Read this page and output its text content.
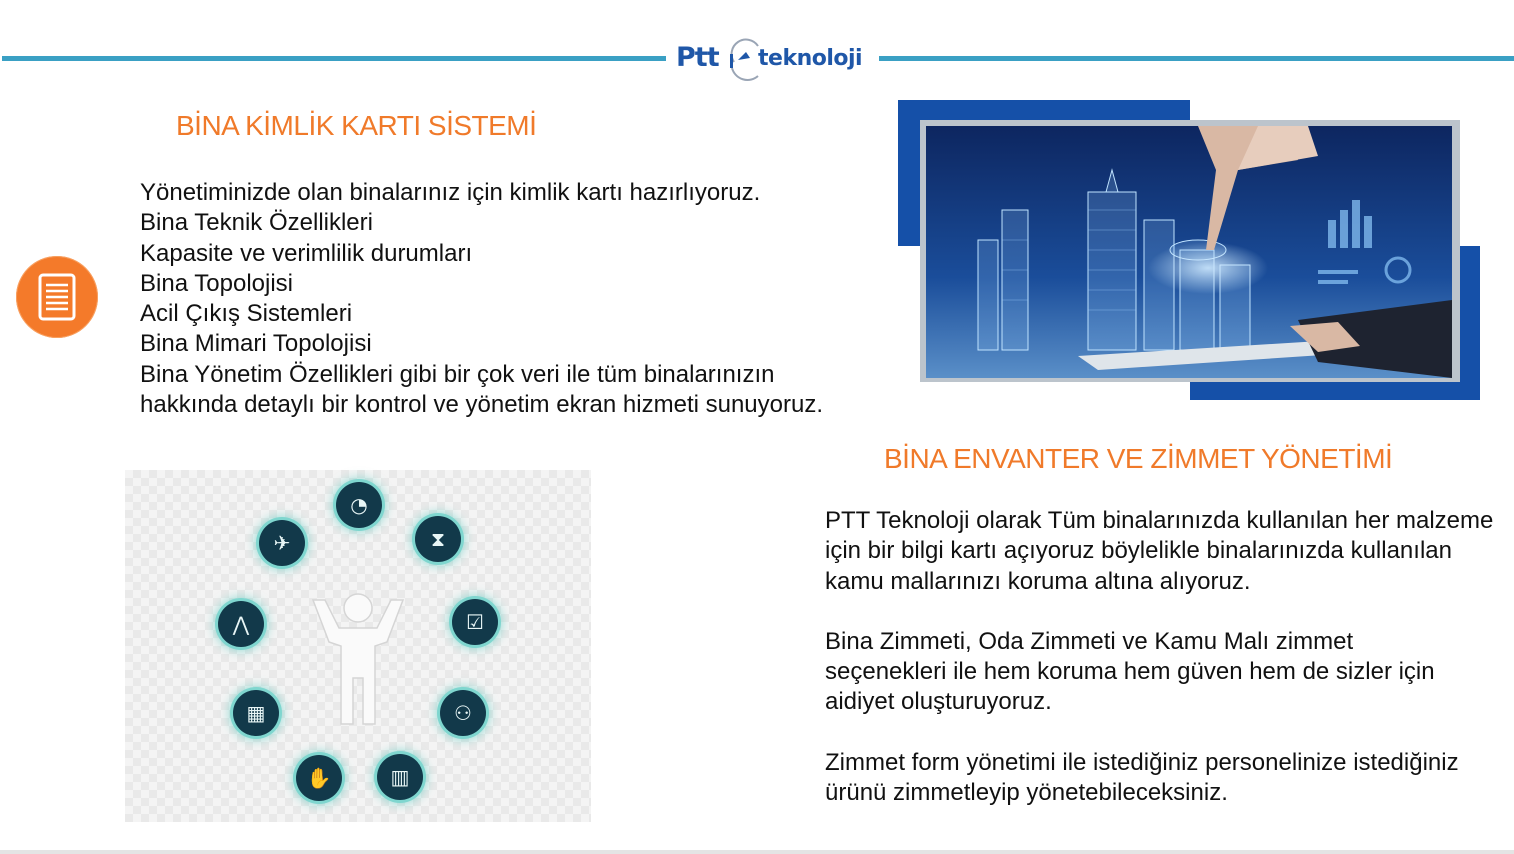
Ptt teknoloji
BİNA KİMLİK KARTI SİSTEMİ
Yönetiminizde olan binalarınız için kimlik kartı hazırlıyoruz.
Bina Teknik Özellikleri
Kapasite ve verimlilik durumları
Bina Topolojisi
Acil Çıkış Sistemleri
Bina Mimari Topolojisi
Bina Yönetim Özellikleri gibi bir çok veri ile tüm binalarınızın
hakkında detaylı bir kontrol ve yönetim ekran hizmeti sunuyoruz.
BİNA ENVANTER VE ZİMMET YÖNETİMİ
PTT Teknoloji olarak Tüm binalarınızda kullanılan her malzeme için bir bilgi kartı açıyoruz böylelikle binalarınızda kullanılan kamu mallarınızı koruma altına alıyoruz.
Bina Zimmeti, Oda Zimmeti ve Kamu Malı zimmet seçenekleri ile hem koruma hem güven hem de sizler için aidiyet oluşturuyoruz.
Zimmet form yönetimi ile istediğiniz personelinize istediğiniz ürünü zimmetleyip yönetebileceksiniz.
◔
⧗
☑
⚇
▥
✋
▦
⋀
✈
